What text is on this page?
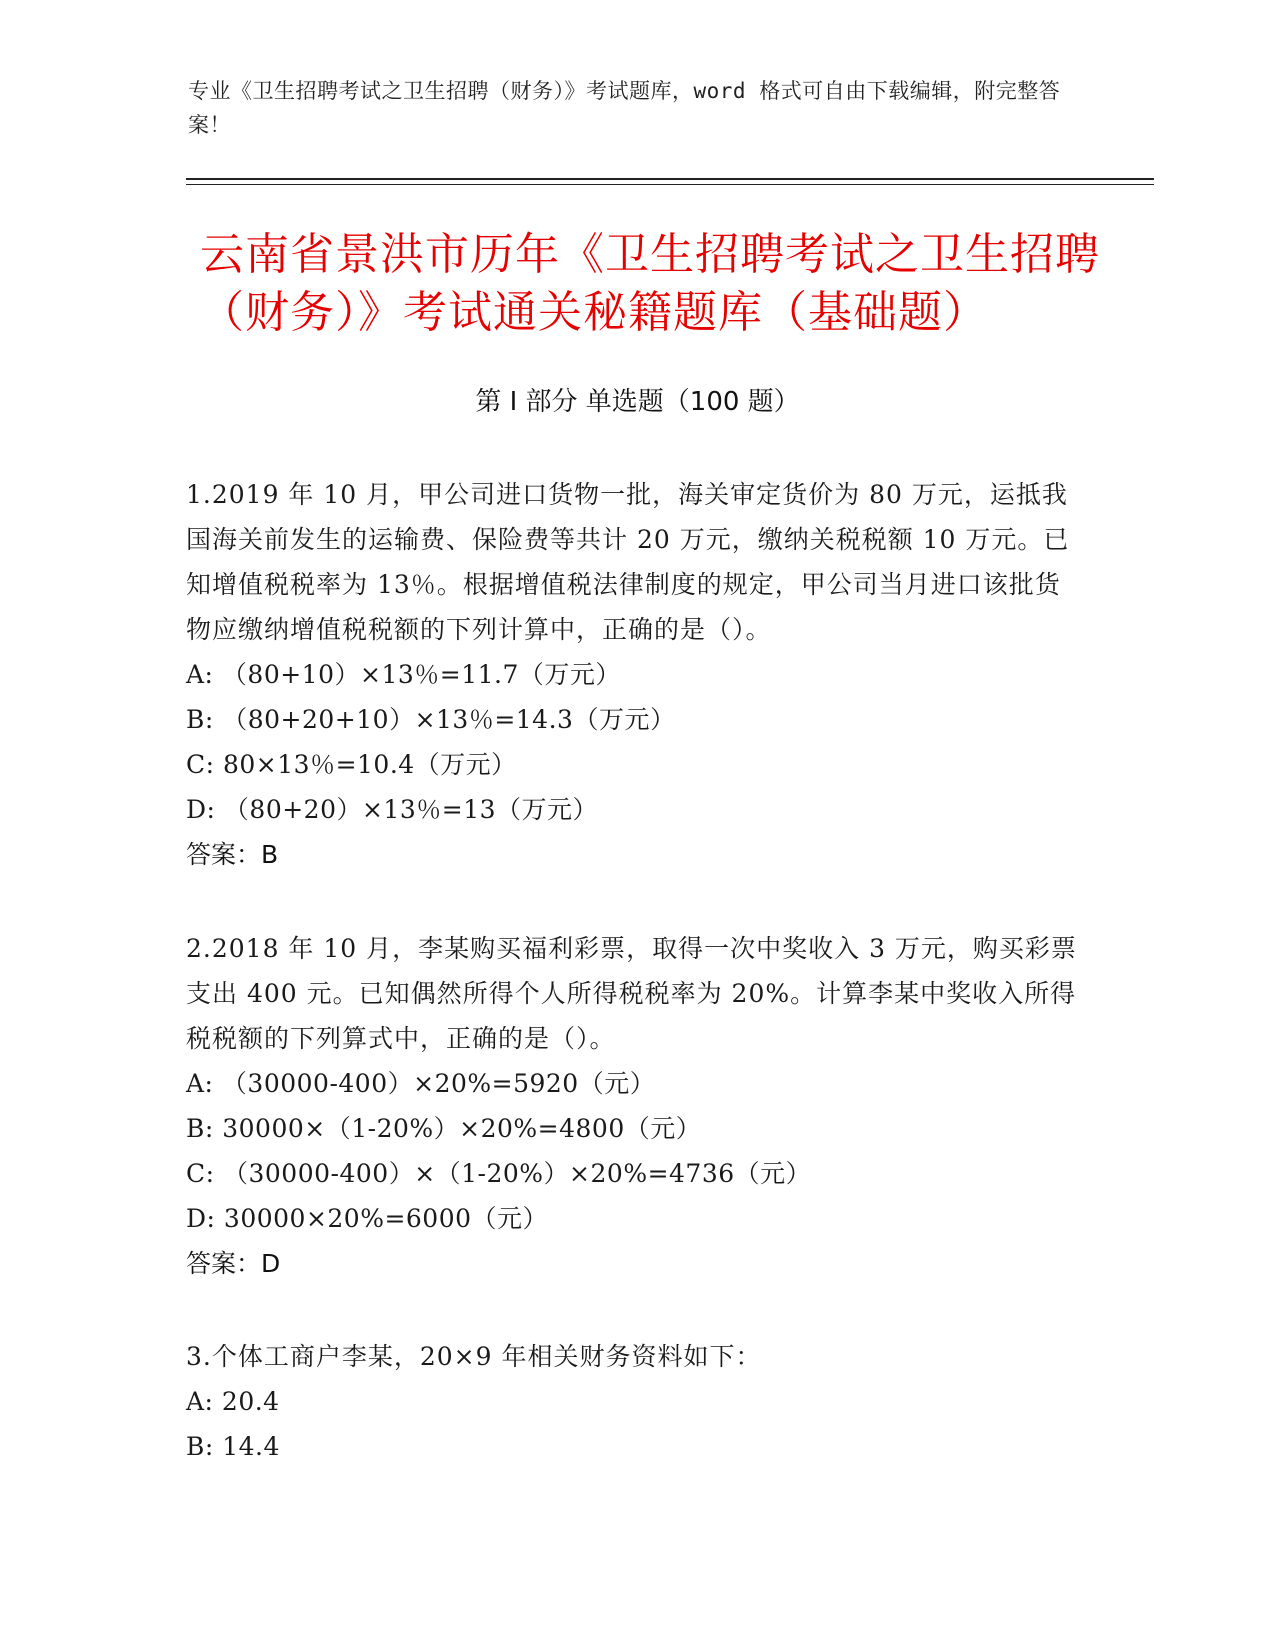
专业《卫生招聘考试之卫生招聘（财务）》考试题库，word 格式可自由下载编辑，附完整答案！
云南省景洪市历年《卫生招聘考试之卫生招聘（财务）》考试通关秘籍题库（基础题）
第 I 部分 单选题（100 题）
1.2019 年 10 月，甲公司进口货物一批，海关审定货价为 80 万元，运抵我国海关前发生的运输费、保险费等共计 20 万元，缴纳关税税额 10 万元。已知增值税税率为 13％。根据增值税法律制度的规定，甲公司当月进口该批货物应缴纳增值税税额的下列计算中，正确的是（）。
A: （80+10）×13％=11.7（万元）
B: （80+20+10）×13％=14.3（万元）
C: 80×13％=10.4（万元）
D: （80+20）×13％=13（万元）
答案：B
2.2018 年 10 月，李某购买福利彩票，取得一次中奖收入 3 万元，购买彩票支出 400 元。已知偶然所得个人所得税税率为 20%。计算李某中奖收入所得税税额的下列算式中，正确的是（）。
A: （30000-400）×20%=5920（元）
B: 30000×（1-20%）×20%=4800（元）
C: （30000-400）×（1-20%）×20%=4736（元）
D: 30000×20%=6000（元）
答案：D
3.个体工商户李某，20×9 年相关财务资料如下：
A: 20.4
B: 14.4
